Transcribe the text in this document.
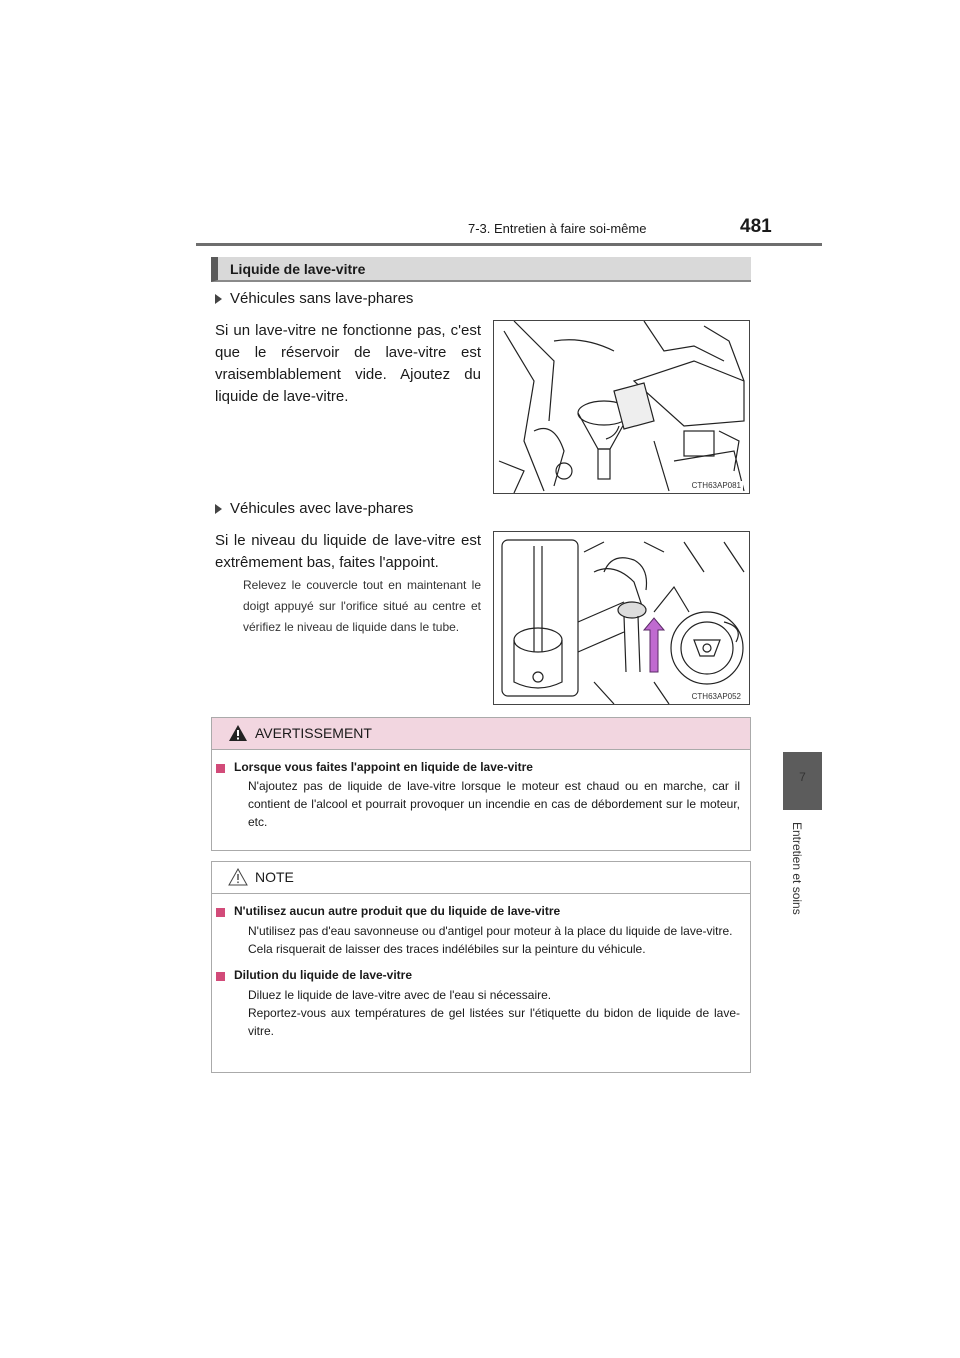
7-3. Entretien à faire soi-même	481
7
Entretien et soins
Liquide de lave-vitre
Véhicules sans lave-phares
Si un lave-vitre ne fonctionne pas, c'est que le réservoir de lave-vitre est vraisemblablement vide. Ajoutez du liquide de lave-vitre.
CTH63AP081
Véhicules avec lave-phares
Si le niveau du liquide de lave-vitre est extrêmement bas, faites l'appoint.
Relevez le couvercle tout en maintenant le doigt appuyé sur l'orifice situé au centre et vérifiez le niveau de liquide dans le tube.
CTH63AP052
AVERTISSEMENT
Lorsque vous faites l'appoint en liquide de lave-vitre
N'ajoutez pas de liquide de lave-vitre lorsque le moteur est chaud ou en marche, car il contient de l'alcool et pourrait provoquer un incendie en cas de débordement sur le moteur, etc.
NOTE
N'utilisez aucun autre produit que du liquide de lave-vitre
N'utilisez pas d'eau savonneuse ou d'antigel pour moteur à la place du liquide de lave-vitre.
Cela risquerait de laisser des traces indélébiles sur la peinture du véhicule.
Dilution du liquide de lave-vitre
Diluez le liquide de lave-vitre avec de l'eau si nécessaire.
Reportez-vous aux températures de gel listées sur l'étiquette du bidon de liquide de lave-vitre.
